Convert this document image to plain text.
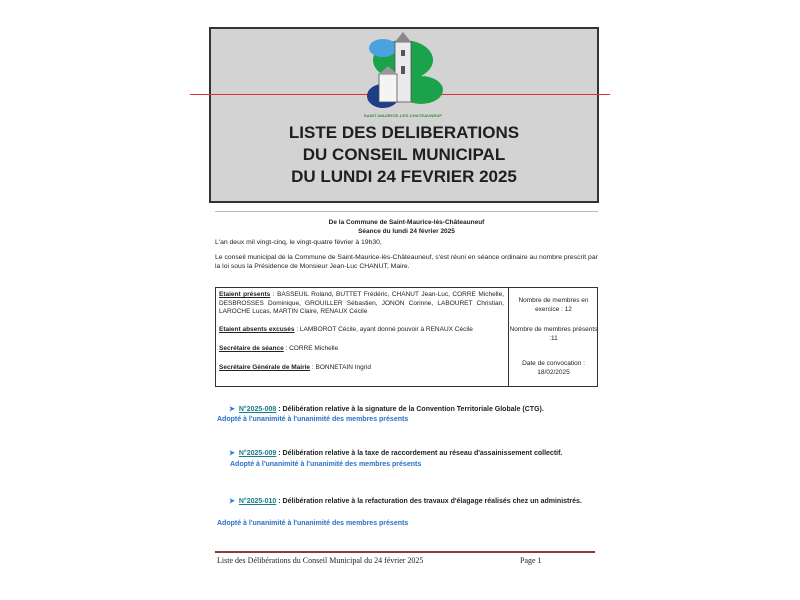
SAINT-MAURICE-LES-CHATEAUNEUF
LISTE DES DELIBERATIONS
DU CONSEIL MUNICIPAL
DU LUNDI 24 FEVRIER 2025
De la Commune de Saint-Maurice-lès-Châteauneuf
Séance du lundi 24 février 2025
L'an deux mil vingt-cinq, le vingt-quatre février à 19h30,
Le conseil municipal de la Commune de Saint-Maurice-lès-Châteauneuf, s'est réuni en séance ordinaire au nombre prescrit par la loi sous la Présidence de Monsieur Jean-Luc CHANUT, Maire.
Etaient présents : BASSEUIL Roland, BUTTET Frédéric, CHANUT Jean-Luc, CORRE Michelle, DESBROSSES Dominique, GROUILLER Sébastien, JONON Corinne, LABOURET Christian, LAROCHE Lucas, MARTIN Claire, RENAUX Cécile
Etaient absents excusés : LAMBOROT Cécile, ayant donné pouvoir à RENAUX Cécile
Secrétaire de séance : CORRE Michelle
Secrétaire Générale de Mairie : BONNETAIN Ingrid
Nombre de membres en exercice : 12
Nombre de membres présents :11
Date de convocation : 18/02/2025
➤ N°2025-008 : Délibération relative à la signature de la Convention Territoriale Globale (CTG).
Adopté à l'unanimité à l'unanimité des membres présents
➤ N°2025-009 : Délibération relative à la taxe de raccordement au réseau d'assainissement collectif.
Adopté à l'unanimité à l'unanimité des membres présents
➤ N°2025-010 : Délibération relative à la refacturation des travaux d'élagage réalisés chez un administrés.
Adopté à l'unanimité à l'unanimité des membres présents
Liste des Délibérations du Conseil Municipal du 24 février 2025	Page 1
